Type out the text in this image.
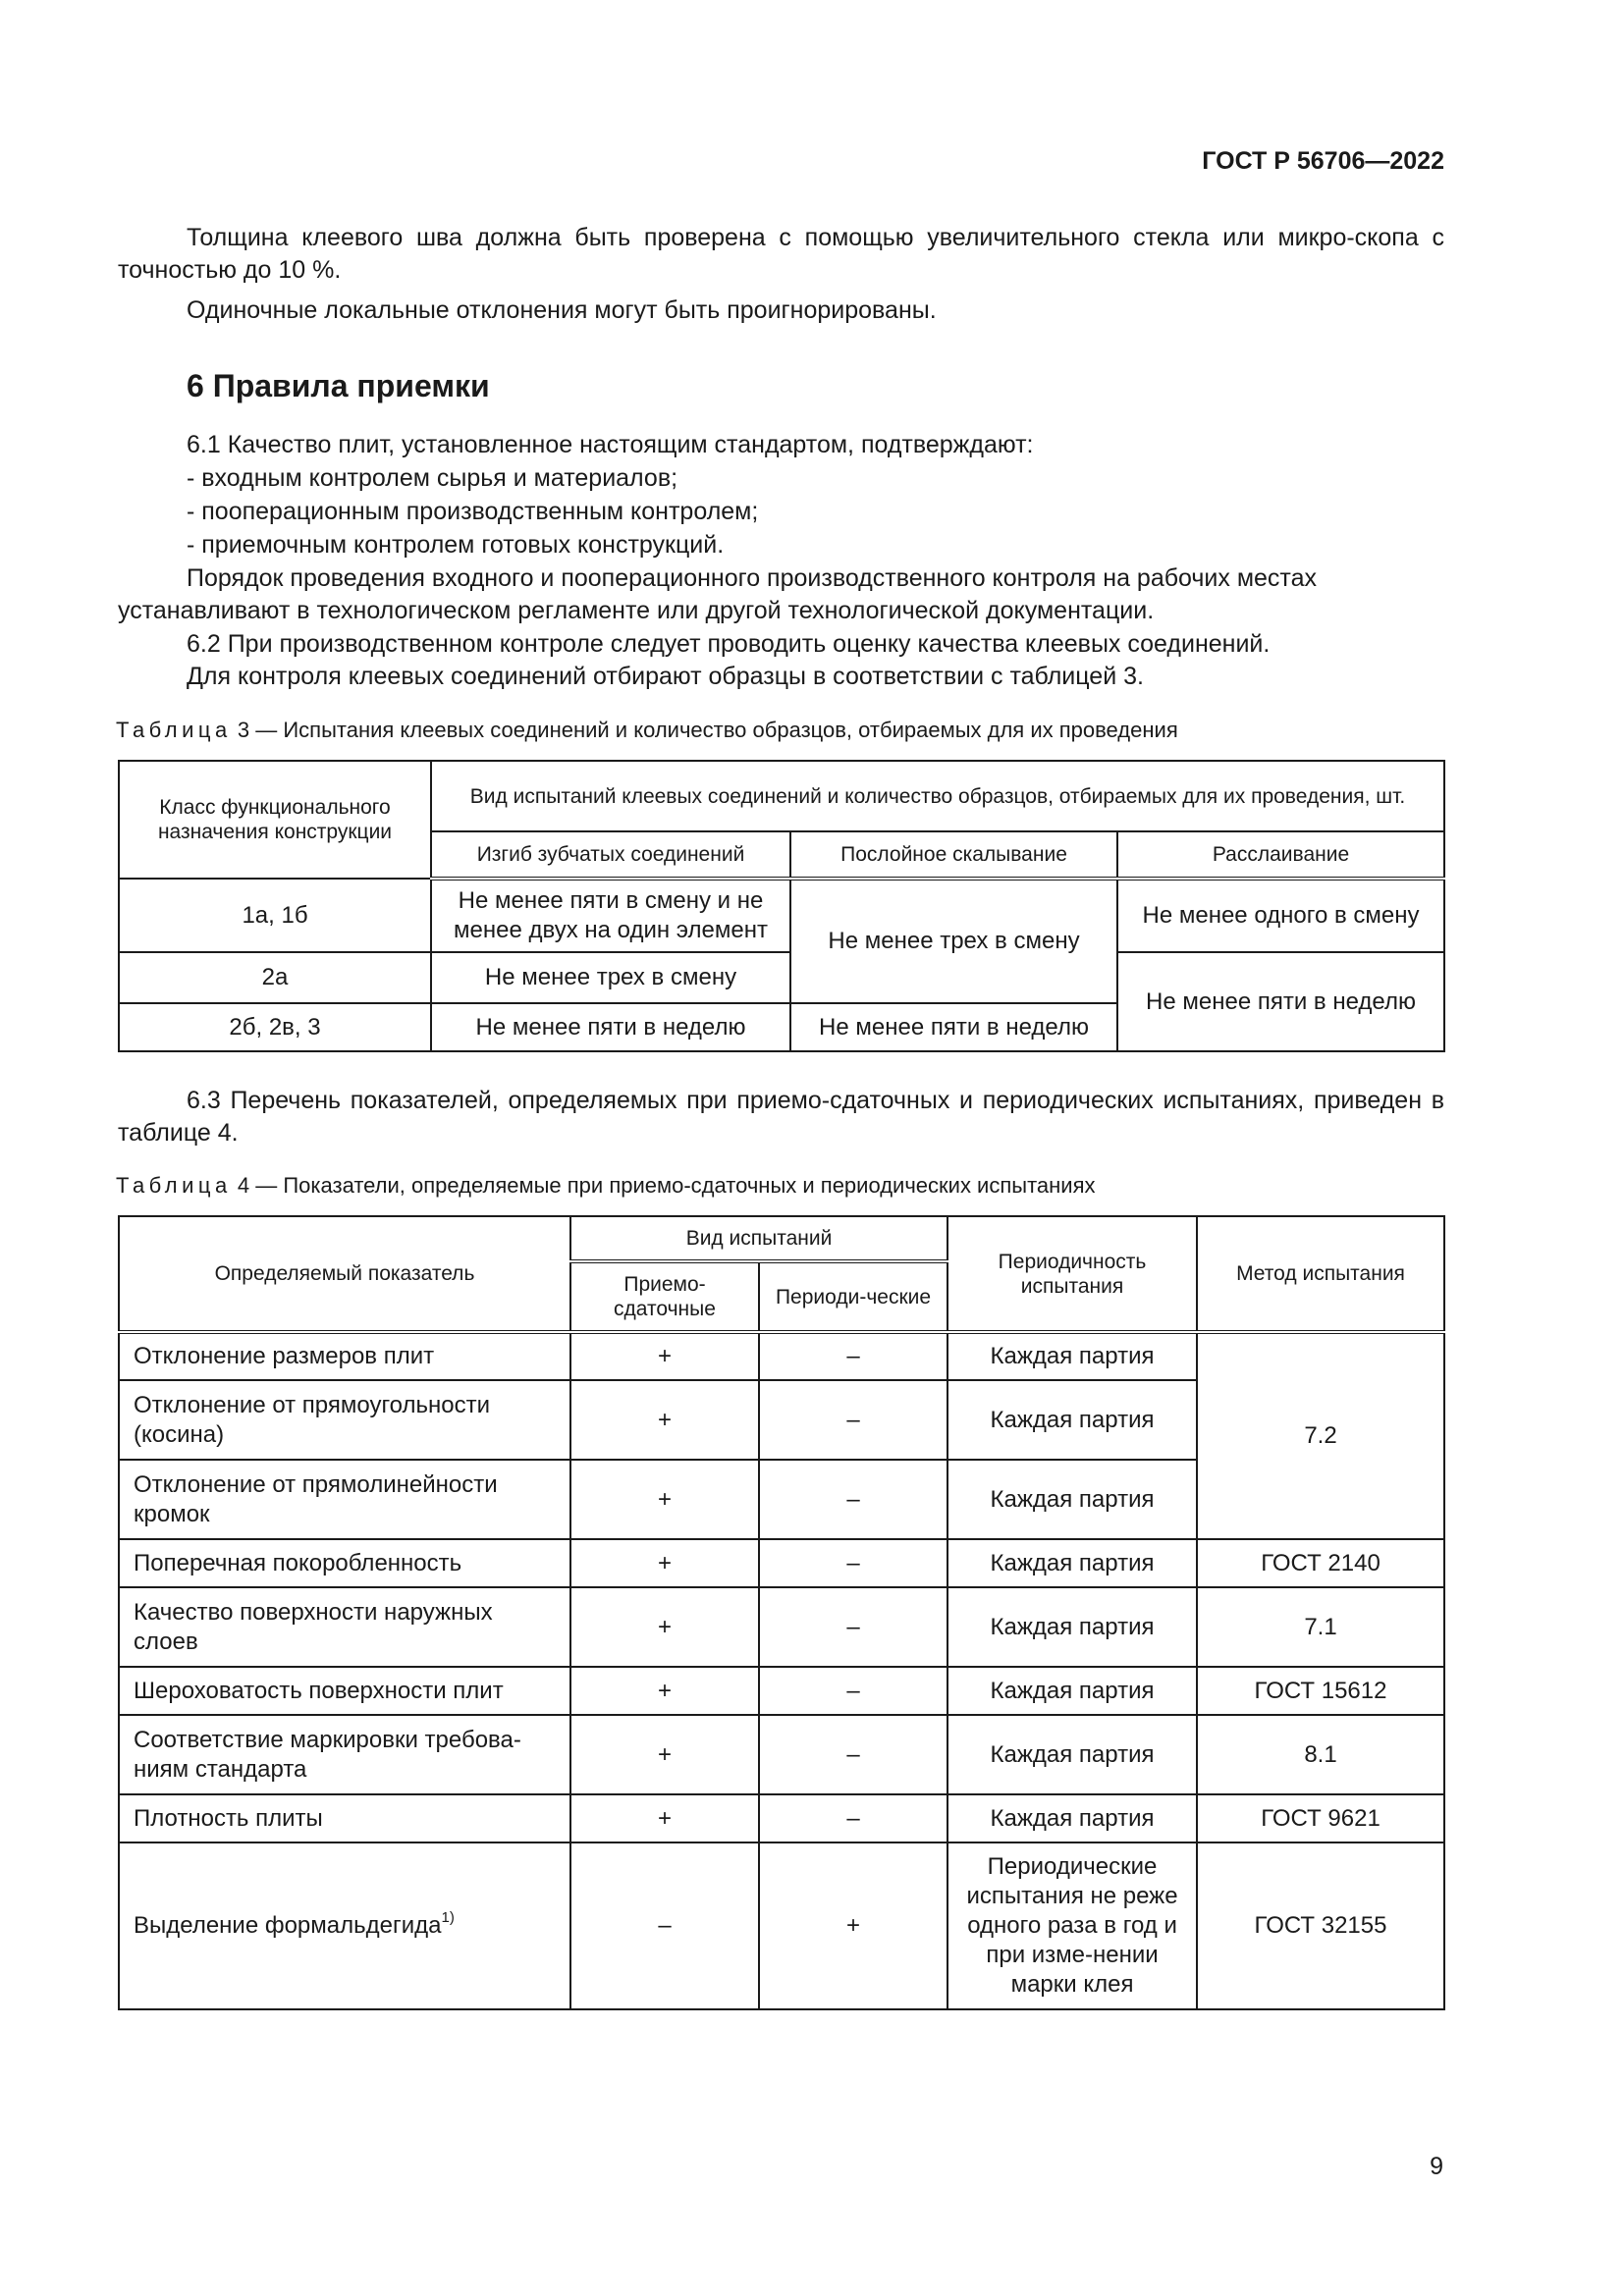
ГОСТ Р 56706—2022
Толщина клеевого шва должна быть проверена с помощью увеличительного стекла или микро-скопа с точностью до 10 %.
Одиночные локальные отклонения могут быть проигнорированы.
6 Правила приемки
6.1 Качество плит, установленное настоящим стандартом, подтверждают:
- входным контролем сырья и материалов;
- пооперационным производственным контролем;
- приемочным контролем готовых конструкций.
Порядок проведения входного и пооперационного производственного контроля на рабочих местах устанавливают в технологическом регламенте или другой технологической документации.
6.2 При производственном контроле следует проводить оценку качества клеевых соединений.
Для контроля клеевых соединений отбирают образцы в соответствии с таблицей 3.
Таблица 3 — Испытания клеевых соединений и количество образцов, отбираемых для их проведения
Класс функционального назначения конструкции	Вид испытаний клеевых соединений и количество образцов, отбираемых для их проведения, шт.		
	Изгиб зубчатых соединений	Послойное скалывание	Расслаивание
1а, 1б	Не менее пяти в смену и не менее двух на один элемент	Не менее трех в смену	Не менее одного в смену
2а	Не менее трех в смену		Не менее пяти в неделю
2б, 2в, 3	Не менее пяти в неделю	Не менее пяти в неделю	
6.3 Перечень показателей, определяемых при приемо-сдаточных и периодических испытаниях, приведен в таблице 4.
Таблица 4 — Показатели, определяемые при приемо-сдаточных и периодических испытаниях
Определяемый показатель	Вид испытаний		Периодичность испытания	Метод испытания
	Приемо-сдаточные	Периоди-ческие		
Отклонение размеров плит	+	–	Каждая партия	7.2
Отклонение от прямоугольности (косина)	+	–	Каждая партия	
Отклонение от прямолинейности кромок	+	–	Каждая партия	
Поперечная покоробленность	+	–	Каждая партия	ГОСТ 2140
Качество поверхности наружных слоев	+	–	Каждая партия	7.1
Шероховатость поверхности плит	+	–	Каждая партия	ГОСТ 15612
Соответствие маркировки требова-ниям стандарта	+	–	Каждая партия	8.1
Плотность плиты	+	–	Каждая партия	ГОСТ 9621
Выделение формальдегида$^{1)}$	–	+	Периодические испытания не реже одного раза в год и при изме-нении марки клея	ГОСТ 32155
9
